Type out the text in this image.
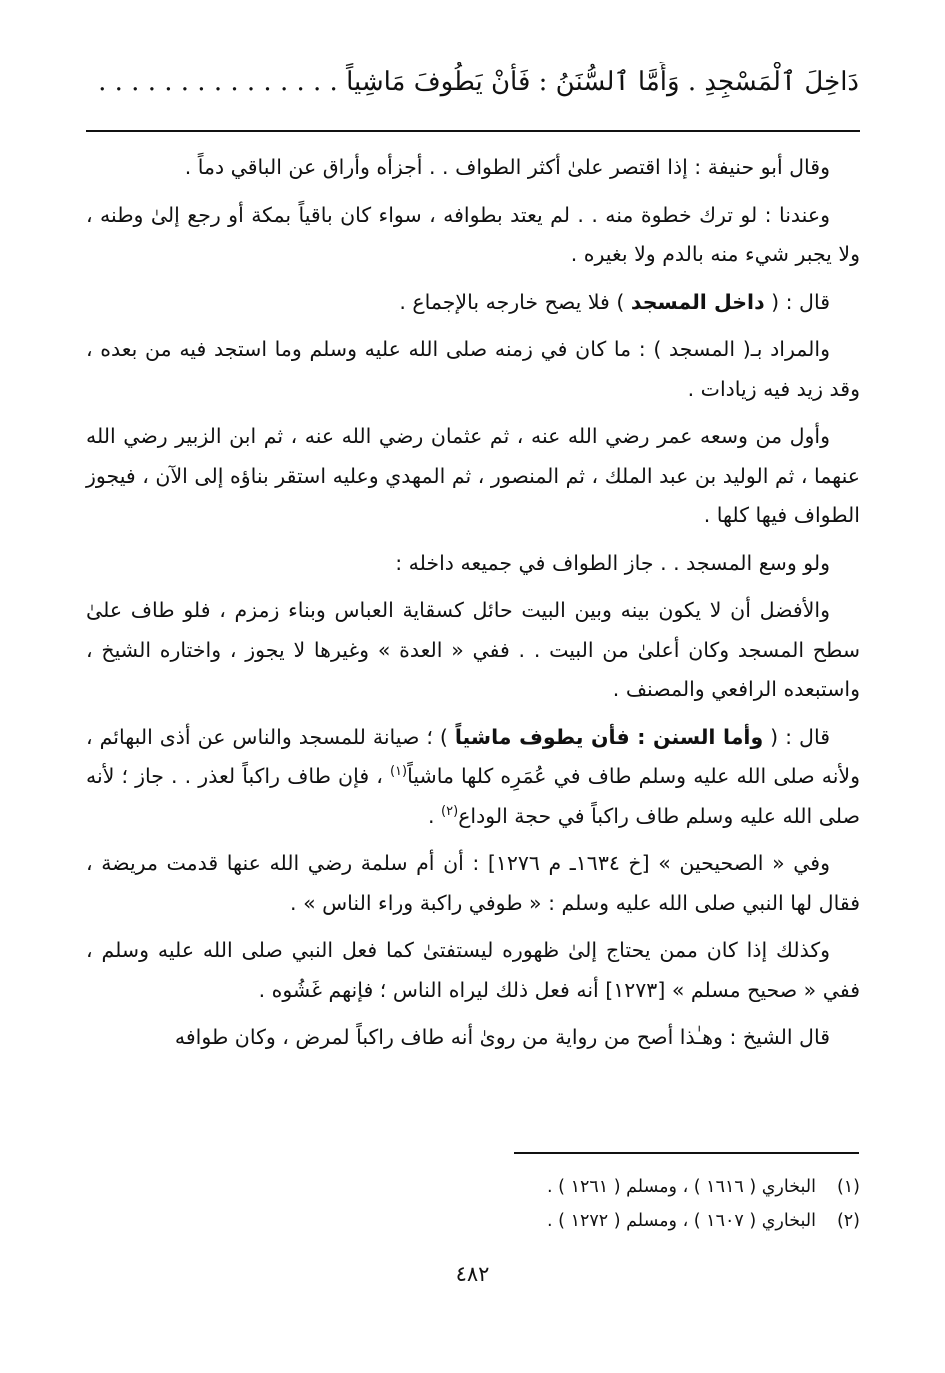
دَاخِلَ ٱلْمَسْجِدِ . وَأَمَّا ٱلسُّنَنُ : فَأَنْ يَطُوفَ مَاشِياً . . . . . . . . . . . . . . .

وقال أبو حنيفة : إذا اقتصر علىٰ أكثر الطواف . . أجزأه وأراق عن الباقي دماً .

وعندنا : لو ترك خطوة منه . . لم يعتد بطوافه ، سواء كان باقياً بمكة أو رجع إلىٰ وطنه ، ولا يجبر شيء منه بالدم ولا بغيره .

قال : ( داخل المسجد ) فلا يصح خارجه بالإجماع .

والمراد بـ( المسجد ) : ما كان في زمنه صلى الله عليه وسلم وما استجد فيه من بعده ، وقد زيد فيه زيادات .

وأول من وسعه عمر رضي الله عنه ، ثم عثمان رضي الله عنه ، ثم ابن الزبير رضي الله عنهما ، ثم الوليد بن عبد الملك ، ثم المنصور ، ثم المهدي وعليه استقر بناؤه إلى الآن ، فيجوز الطواف فيها كلها .

ولو وسع المسجد . . جاز الطواف في جميعه داخله :

والأفضل أن لا يكون بينه وبين البيت حائل كسقاية العباس وبناء زمزم ، فلو طاف علىٰ سطح المسجد وكان أعلىٰ من البيت . . ففي « العدة » وغيرها لا يجوز ، واختاره الشيخ ، واستبعده الرافعي والمصنف .

قال : ( وأما السنن : فأن يطوف ماشياً ) ؛ صيانة للمسجد والناس عن أذى البهائم ، ولأنه صلى الله عليه وسلم طاف في عُمَرِه كلها ماشياً$^{(١)}$ ، فإن طاف راكباً لعذر . . جاز ؛ لأنه صلى الله عليه وسلم طاف راكباً في حجة الوداع$^{(٢)}$ .

وفي « الصحيحين » [خ ١٦٣٤ـ م ١٢٧٦] : أن أم سلمة رضي الله عنها قدمت مريضة ، فقال لها النبي صلى الله عليه وسلم : « طوفي راكبة وراء الناس » .

وكذلك إذا كان ممن يحتاج إلىٰ ظهوره ليستفتىٰ كما فعل النبي صلى الله عليه وسلم ، ففي « صحيح مسلم » [١٢٧٣] أنه فعل ذلك ليراه الناس ؛ فإنهم غَشُوه .

قال الشيخ : وهـٰذا أصح من رواية من روىٰ أنه طاف راكباً لمرض ، وكان طوافه

(١)
البخاري ( ١٦١٦ ) ، ومسلم ( ١٢٦١ ) .
(٢)
البخاري ( ١٦٠٧ ) ، ومسلم ( ١٢٧٢ ) .
٤٨٢
